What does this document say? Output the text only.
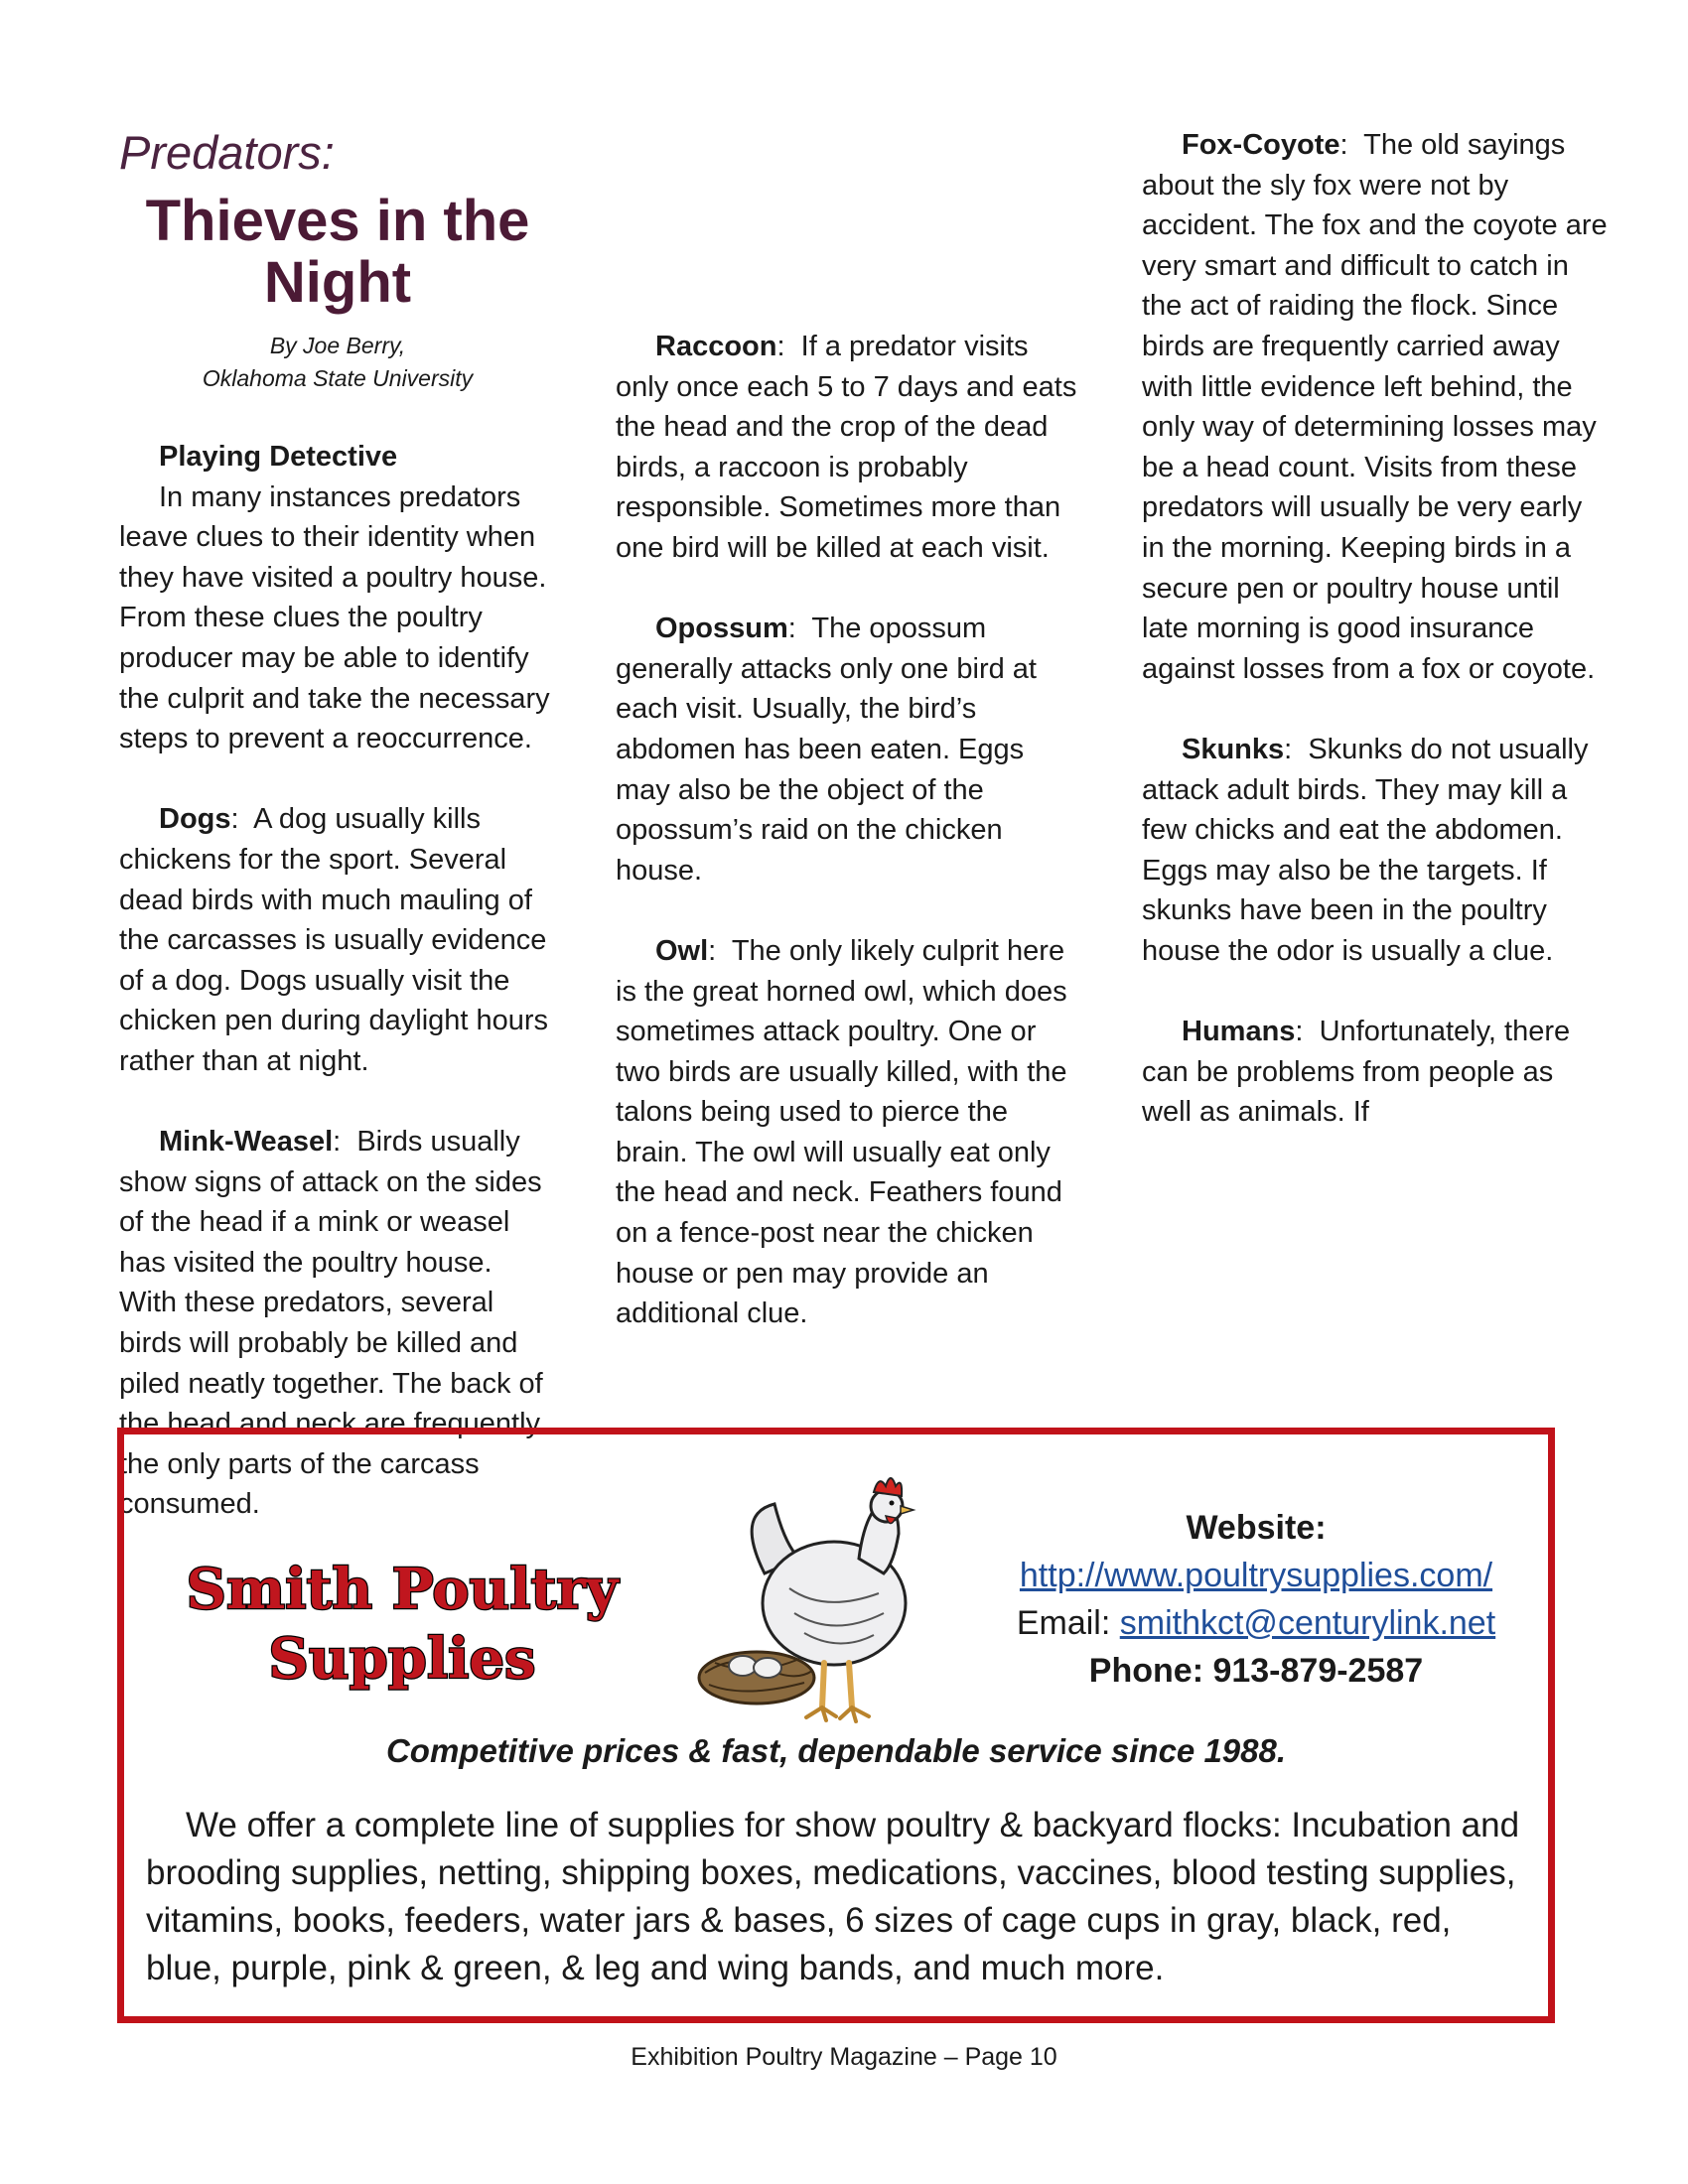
Predators:
Thieves in the Night
By Joe Berry,
Oklahoma State University

Playing Detective

In many instances predators leave clues to their identity when they have visited a poultry house. From these clues the poultry producer may be able to identify the culprit and take the necessary steps to prevent a reoccurrence.

Dogs:  A dog usually kills chickens for the sport. Several dead birds with much mauling of the carcasses is usually evidence of a dog. Dogs usually visit the chicken pen during daylight hours rather than at night.

Mink-Weasel:  Birds usually show signs of attack on the sides of the head if a mink or weasel has visited the poultry house. With these predators, several birds will probably be killed and piled neatly together. The back of the head and neck are frequently the only parts of the carcass consumed.

Raccoon:  If a predator visits only once each 5 to 7 days and eats the head and the crop of the dead birds, a raccoon is probably responsible. Sometimes more than one bird will be killed at each visit.

Opossum:  The opossum generally attacks only one bird at each visit. Usually, the bird’s abdomen has been eaten. Eggs may also be the object of the opossum’s raid on the chicken house.

Owl:  The only likely culprit here is the great horned owl, which does sometimes attack poultry. One or two birds are usually killed, with the talons being used to pierce the brain. The owl will usually eat only the head and neck. Feathers found on a fence-post near the chicken house or pen may provide an additional clue.

Fox-Coyote:  The old sayings about the sly fox were not by accident. The fox and the coyote are very smart and difficult to catch in the act of raiding the flock. Since birds are frequently carried away with little evidence left behind, the only way of determining losses may be a head count. Visits from these predators will usually be very early in the morning. Keeping birds in a secure pen or poultry house until late morning is good insurance against losses from a fox or coyote.

Skunks:  Skunks do not usually attack adult birds. They may kill a few chicks and eat the abdomen. Eggs may also be the targets. If skunks have been in the poultry house the odor is usually a clue.

Humans:  Unfortunately, there can be problems from people as well as animals. If

Smith Poultry
Supplies
Website:
http://www.poultrysupplies.com/
Email: smithkct@centurylink.net
Phone: 913-879-2587
Competitive prices & fast, dependable service since 1988.
We offer a complete line of supplies for show poultry & backyard flocks: Incubation and brooding supplies, netting, shipping boxes, medications, vaccines, blood testing supplies, vitamins, books, feeders, water jars & bases, 6 sizes of cage cups in gray, black, red, blue, purple, pink & green, & leg and wing bands, and much more.
Exhibition Poultry Magazine – Page 10
